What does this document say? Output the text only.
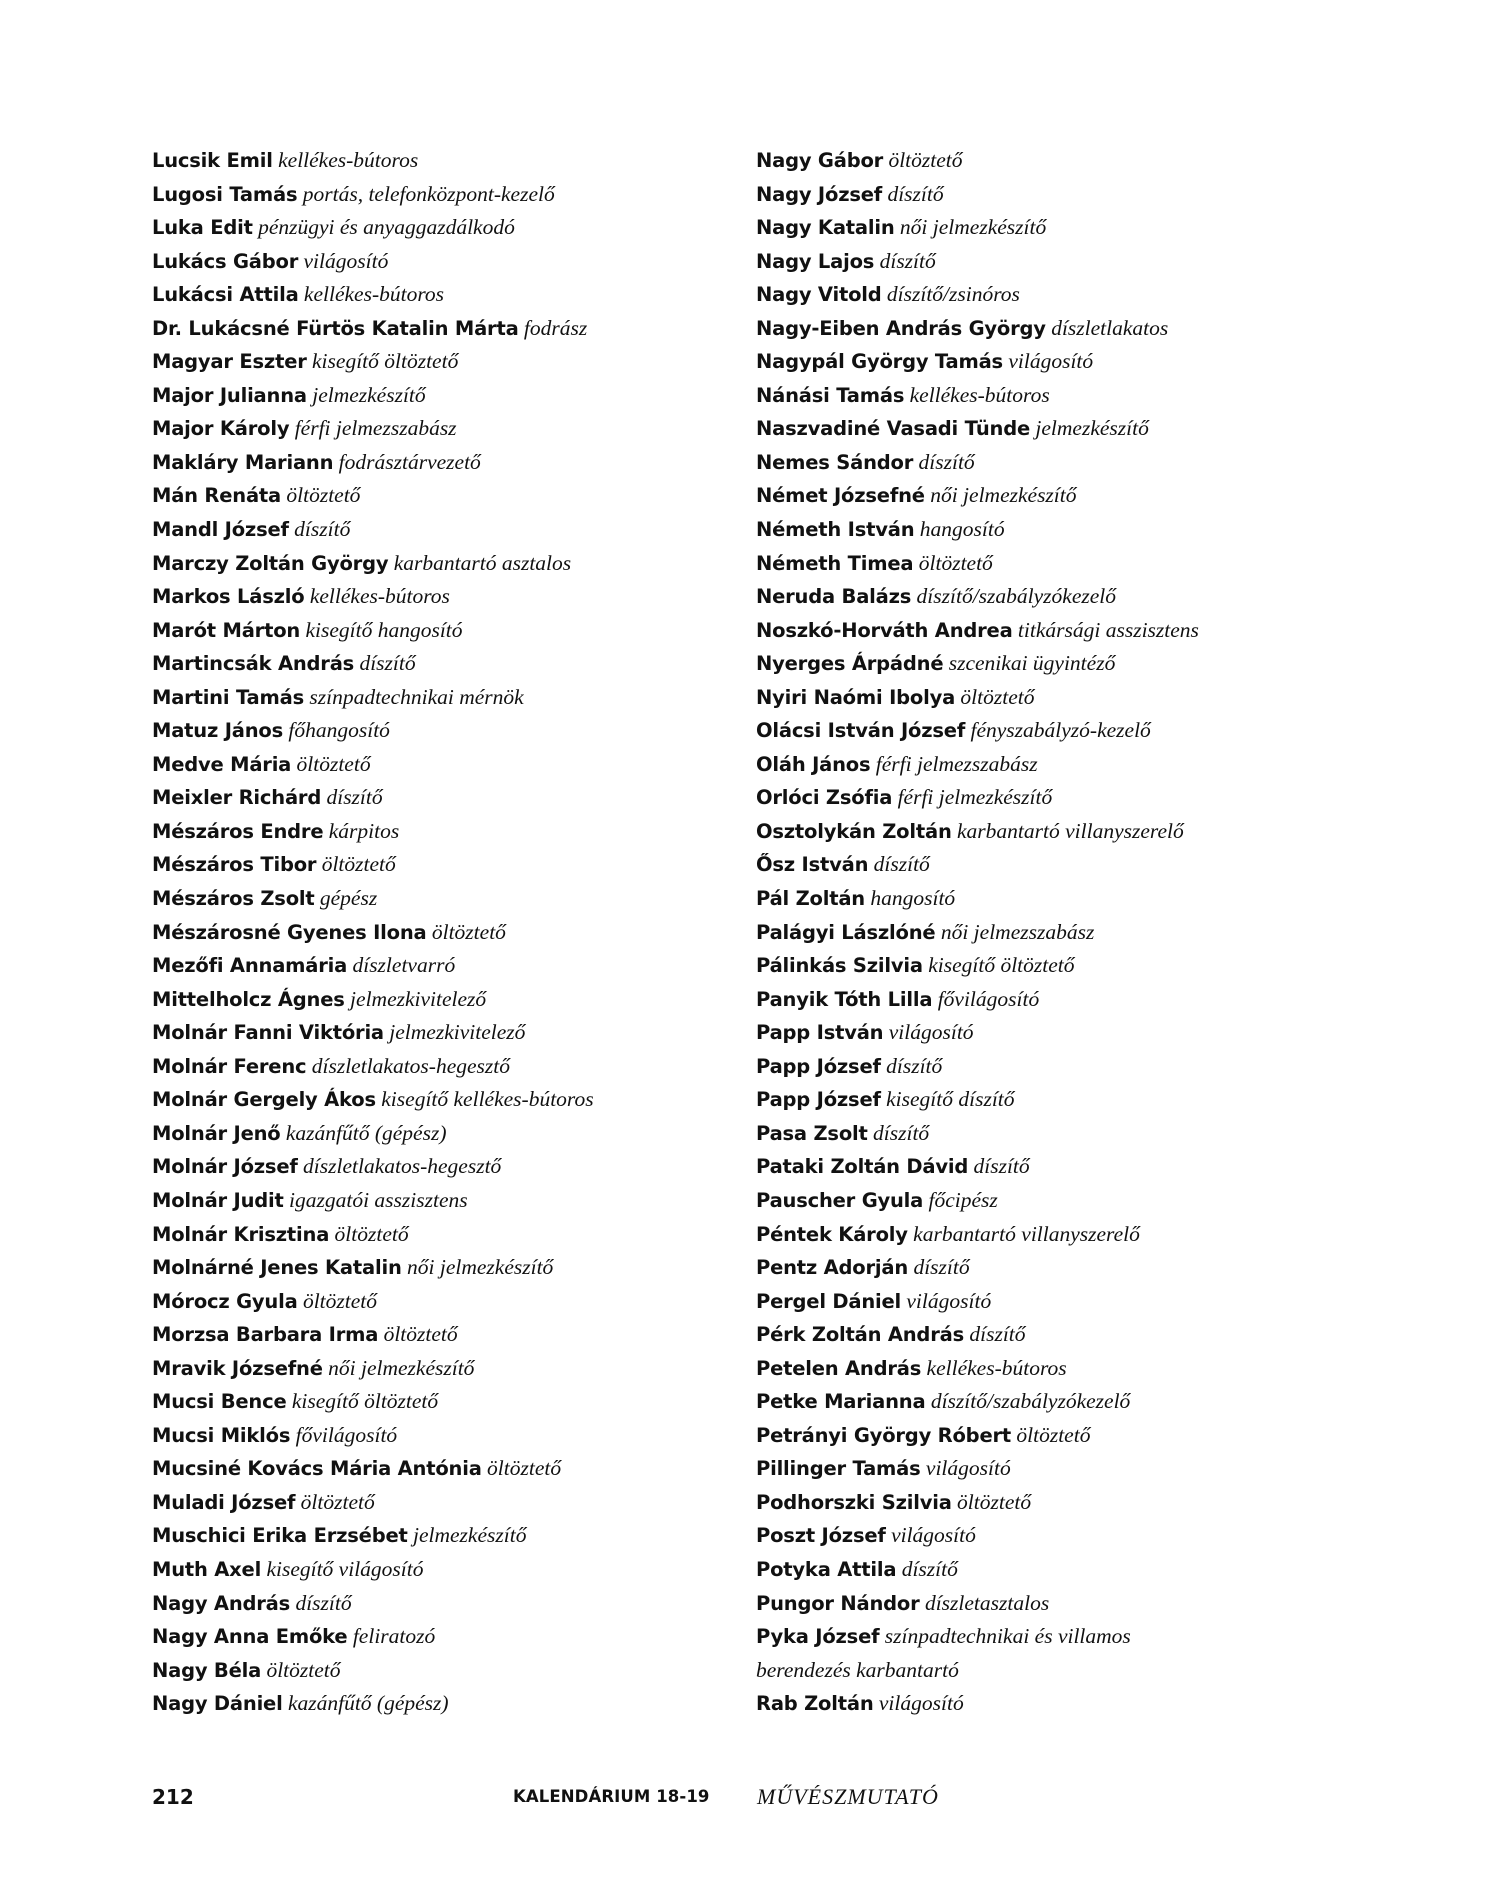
Lucsik Emil kellékes-bútoros
Lugosi Tamás portás, telefonközpont-kezelő
Luka Edit pénzügyi és anyaggazdálkodó
Lukács Gábor világosító
Lukácsi Attila kellékes-bútoros
Dr. Lukácsné Fürtös Katalin Márta fodrász
Magyar Eszter kisegítő öltöztető
Major Julianna jelmezkészítő
Major Károly férfi jelmezszabász
Makláry Mariann fodrásztárvezető
Mán Renáta öltöztető
Mandl József díszítő
Marczy Zoltán György karbantartó asztalos
Markos László kellékes-bútoros
Marót Márton kisegítő hangosító
Martincsák András díszítő
Martini Tamás színpadtechnikai mérnök
Matuz János főhangosító
Medve Mária öltöztető
Meixler Richárd díszítő
Mészáros Endre kárpitos
Mészáros Tibor öltöztető
Mészáros Zsolt gépész
Mészárosné Gyenes Ilona öltöztető
Mezőfi Annamária díszletvarró
Mittelholcz Ágnes jelmezkivitelező
Molnár Fanni Viktória jelmezkivitelező
Molnár Ferenc díszletlakatos-hegesztő
Molnár Gergely Ákos kisegítő kellékes-bútoros
Molnár Jenő kazánfűtő (gépész)
Molnár József díszletlakatos-hegesztő
Molnár Judit igazgatói asszisztens
Molnár Krisztina öltöztető
Molnárné Jenes Katalin női jelmezkészítő
Mórocz Gyula öltöztető
Morzsa Barbara Irma öltöztető
Mravik Józsefné női jelmezkészítő
Mucsi Bence kisegítő öltöztető
Mucsi Miklós fővilágosító
Mucsiné Kovács Mária Antónia öltöztető
Muladi József öltöztető
Muschici Erika Erzsébet jelmezkészítő
Muth Axel kisegítő világosító
Nagy András díszítő
Nagy Anna Emőke feliratozó
Nagy Béla öltöztető
Nagy Dániel kazánfűtő (gépész)
Nagy Gábor öltöztető
Nagy József díszítő
Nagy Katalin női jelmezkészítő
Nagy Lajos díszítő
Nagy Vitold díszítő/zsinóros
Nagy-Eiben András György díszletlakatos
Nagypál György Tamás világosító
Nánási Tamás kellékes-bútoros
Naszvadiné Vasadi Tünde jelmezkészítő
Nemes Sándor díszítő
Német Józsefné női jelmezkészítő
Németh István hangosító
Németh Timea öltöztető
Neruda Balázs díszítő/szabályzókezelő
Noszkó-Horváth Andrea titkársági asszisztens
Nyerges Árpádné szcenikai ügyintéző
Nyiri Naómi Ibolya öltöztető
Olácsi István József fényszabályzó-kezelő
Oláh János férfi jelmezszabász
Orlóci Zsófia férfi jelmezkészítő
Osztolykán Zoltán karbantartó villanyszerelő
Ősz István díszítő
Pál Zoltán hangosító
Palágyi Lászlóné női jelmezszabász
Pálinkás Szilvia kisegítő öltöztető
Panyik Tóth Lilla fővilágosító
Papp István világosító
Papp József díszítő
Papp József kisegítő díszítő
Pasa Zsolt díszítő
Pataki Zoltán Dávid díszítő
Pauscher Gyula főcipész
Péntek Károly karbantartó villanyszerelő
Pentz Adorján díszítő
Pergel Dániel világosító
Pérk Zoltán András díszítő
Petelen András kellékes-bútoros
Petke Marianna díszítő/szabályzókezelő
Petrányi György Róbert öltöztető
Pillinger Tamás világosító
Podhorszki Szilvia öltöztető
Poszt József világosító
Potyka Attila díszítő
Pungor Nándor díszletasztalos
Pyka József színpadtechnikai és villamos
berendezés karbantartó
Rab Zoltán világosító
212	KALENDÁRIUM 18-19 MŰVÉSZMUTATÓ
